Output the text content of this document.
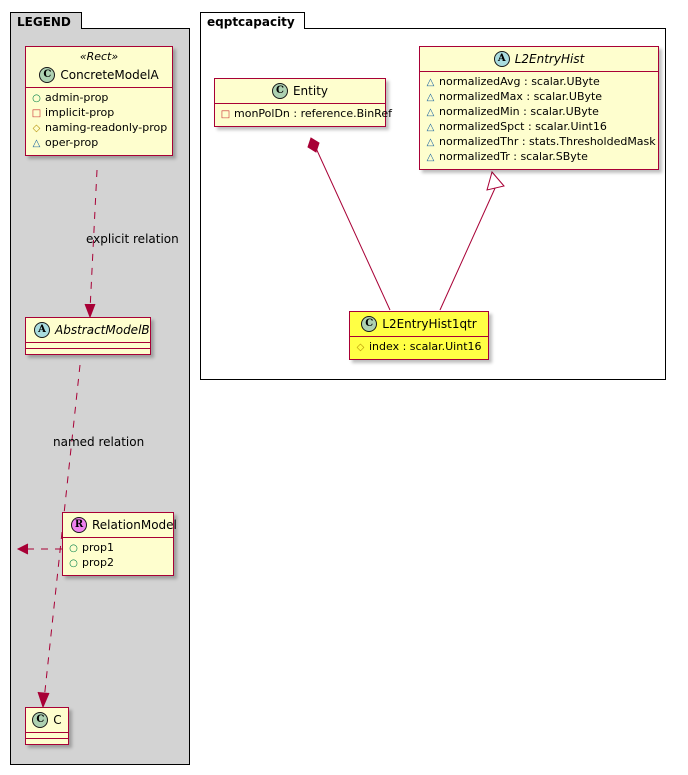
LEGEND	eqptcapacity
explicit relation
named relation
«Rect»
C ConcreteModelA
○ admin-prop
□ implicit-prop
◇ naming-readonly-prop
△ oper-prop
A AbstractModelB
R RelationModel
○ prop1
○ prop2
C C
C Entity
□ monPolDn : reference.BinRef
A L2EntryHist
△ normalizedAvg : scalar.UByte
△ normalizedMax : scalar.UByte
△ normalizedMin : scalar.UByte
△ normalizedSpct : scalar.Uint16
△ normalizedThr : stats.ThresholdedMask
△ normalizedTr : scalar.SByte
C L2EntryHist1qtr
◇ index : scalar.Uint16
